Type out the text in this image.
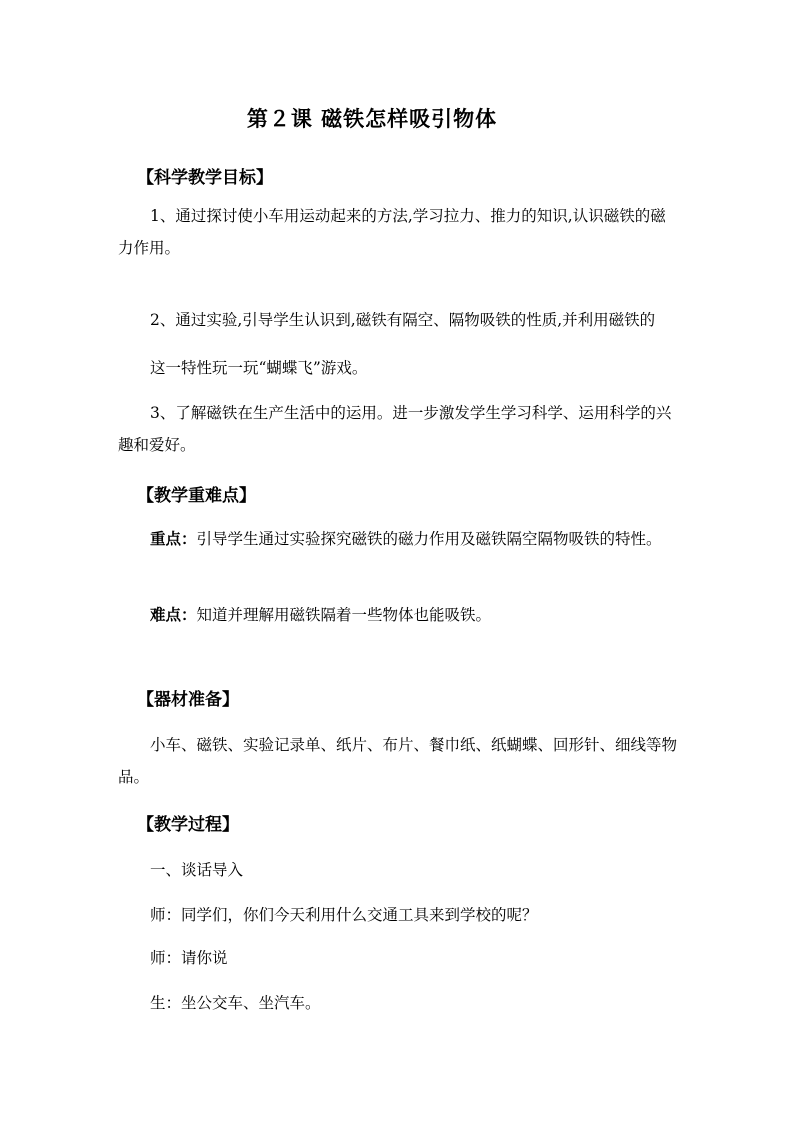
第２课 磁铁怎样吸引物体
【科学教学目标】
1、通过探讨使小车用运动起来的方法,学习拉力、推力的知识,认识磁铁的磁力作用。
2、通过实验,引导学生认识到,磁铁有隔空、隔物吸铁的性质,并利用磁铁的
这一特性玩一玩“蝴蝶飞”游戏。
3、了解磁铁在生产生活中的运用。进一步激发学生学习科学、运用科学的兴趣和爱好。
【教学重难点】
重点：引导学生通过实验探究磁铁的磁力作用及磁铁隔空隔物吸铁的特性。
难点：知道并理解用磁铁隔着一些物体也能吸铁。
【器材准备】
小车、磁铁、实验记录单、纸片、布片、餐巾纸、纸蝴蝶、回形针、细线等物品。
【教学过程】
一、谈话导入
师：同学们，你们今天利用什么交通工具来到学校的呢？
师：请你说
生：坐公交车、坐汽车。
